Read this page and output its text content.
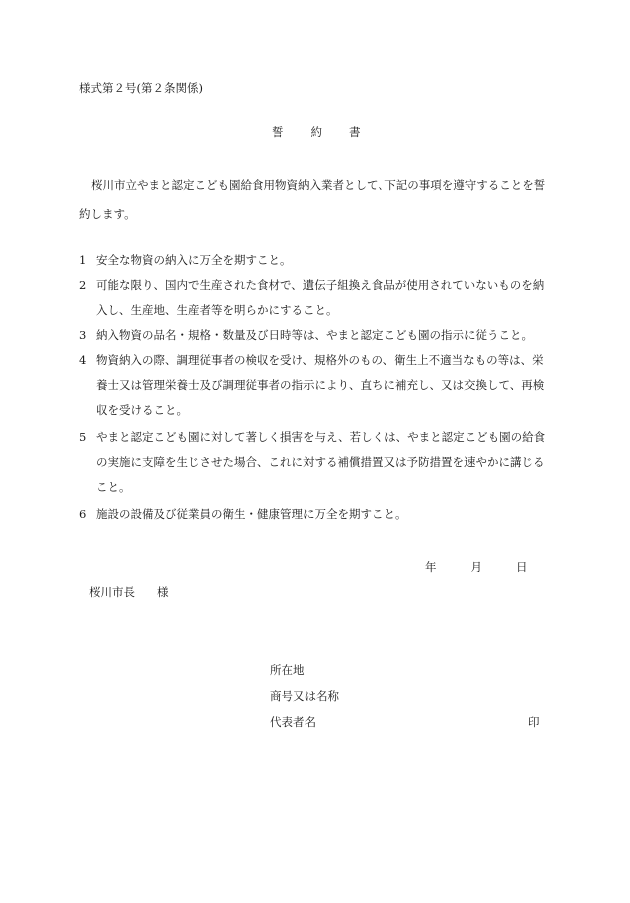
様式第２号(第２条関係)
誓 約 書
桜川市立やまと認定こども園給食用物資納入業者として､下記の事項を遵守することを誓約します。
1 安全な物資の納入に万全を期すこと。
2 可能な限り、国内で生産された食材で、遺伝子組換え食品が使用されていないものを納
入し、生産地、生産者等を明らかにすること。
3 納入物資の品名・規格・数量及び日時等は、やまと認定こども園の指示に従うこと。
4 物資納入の際、調理従事者の検収を受け、規格外のもの、衛生上不適当なもの等は、栄
養士又は管理栄養士及び調理従事者の指示により、直ちに補充し、又は交換して、再検
収を受けること。
5 やまと認定こども園に対して著しく損害を与え、若しくは、やまと認定こども園の給食
の実施に支障を生じさせた場合、これに対する補償措置又は予防措置を速やかに講じる
こと。
6 施設の設備及び従業員の衛生・健康管理に万全を期すこと。
年	月	日
桜川市長 様
所在地
商号又は名称
代表者名	印
